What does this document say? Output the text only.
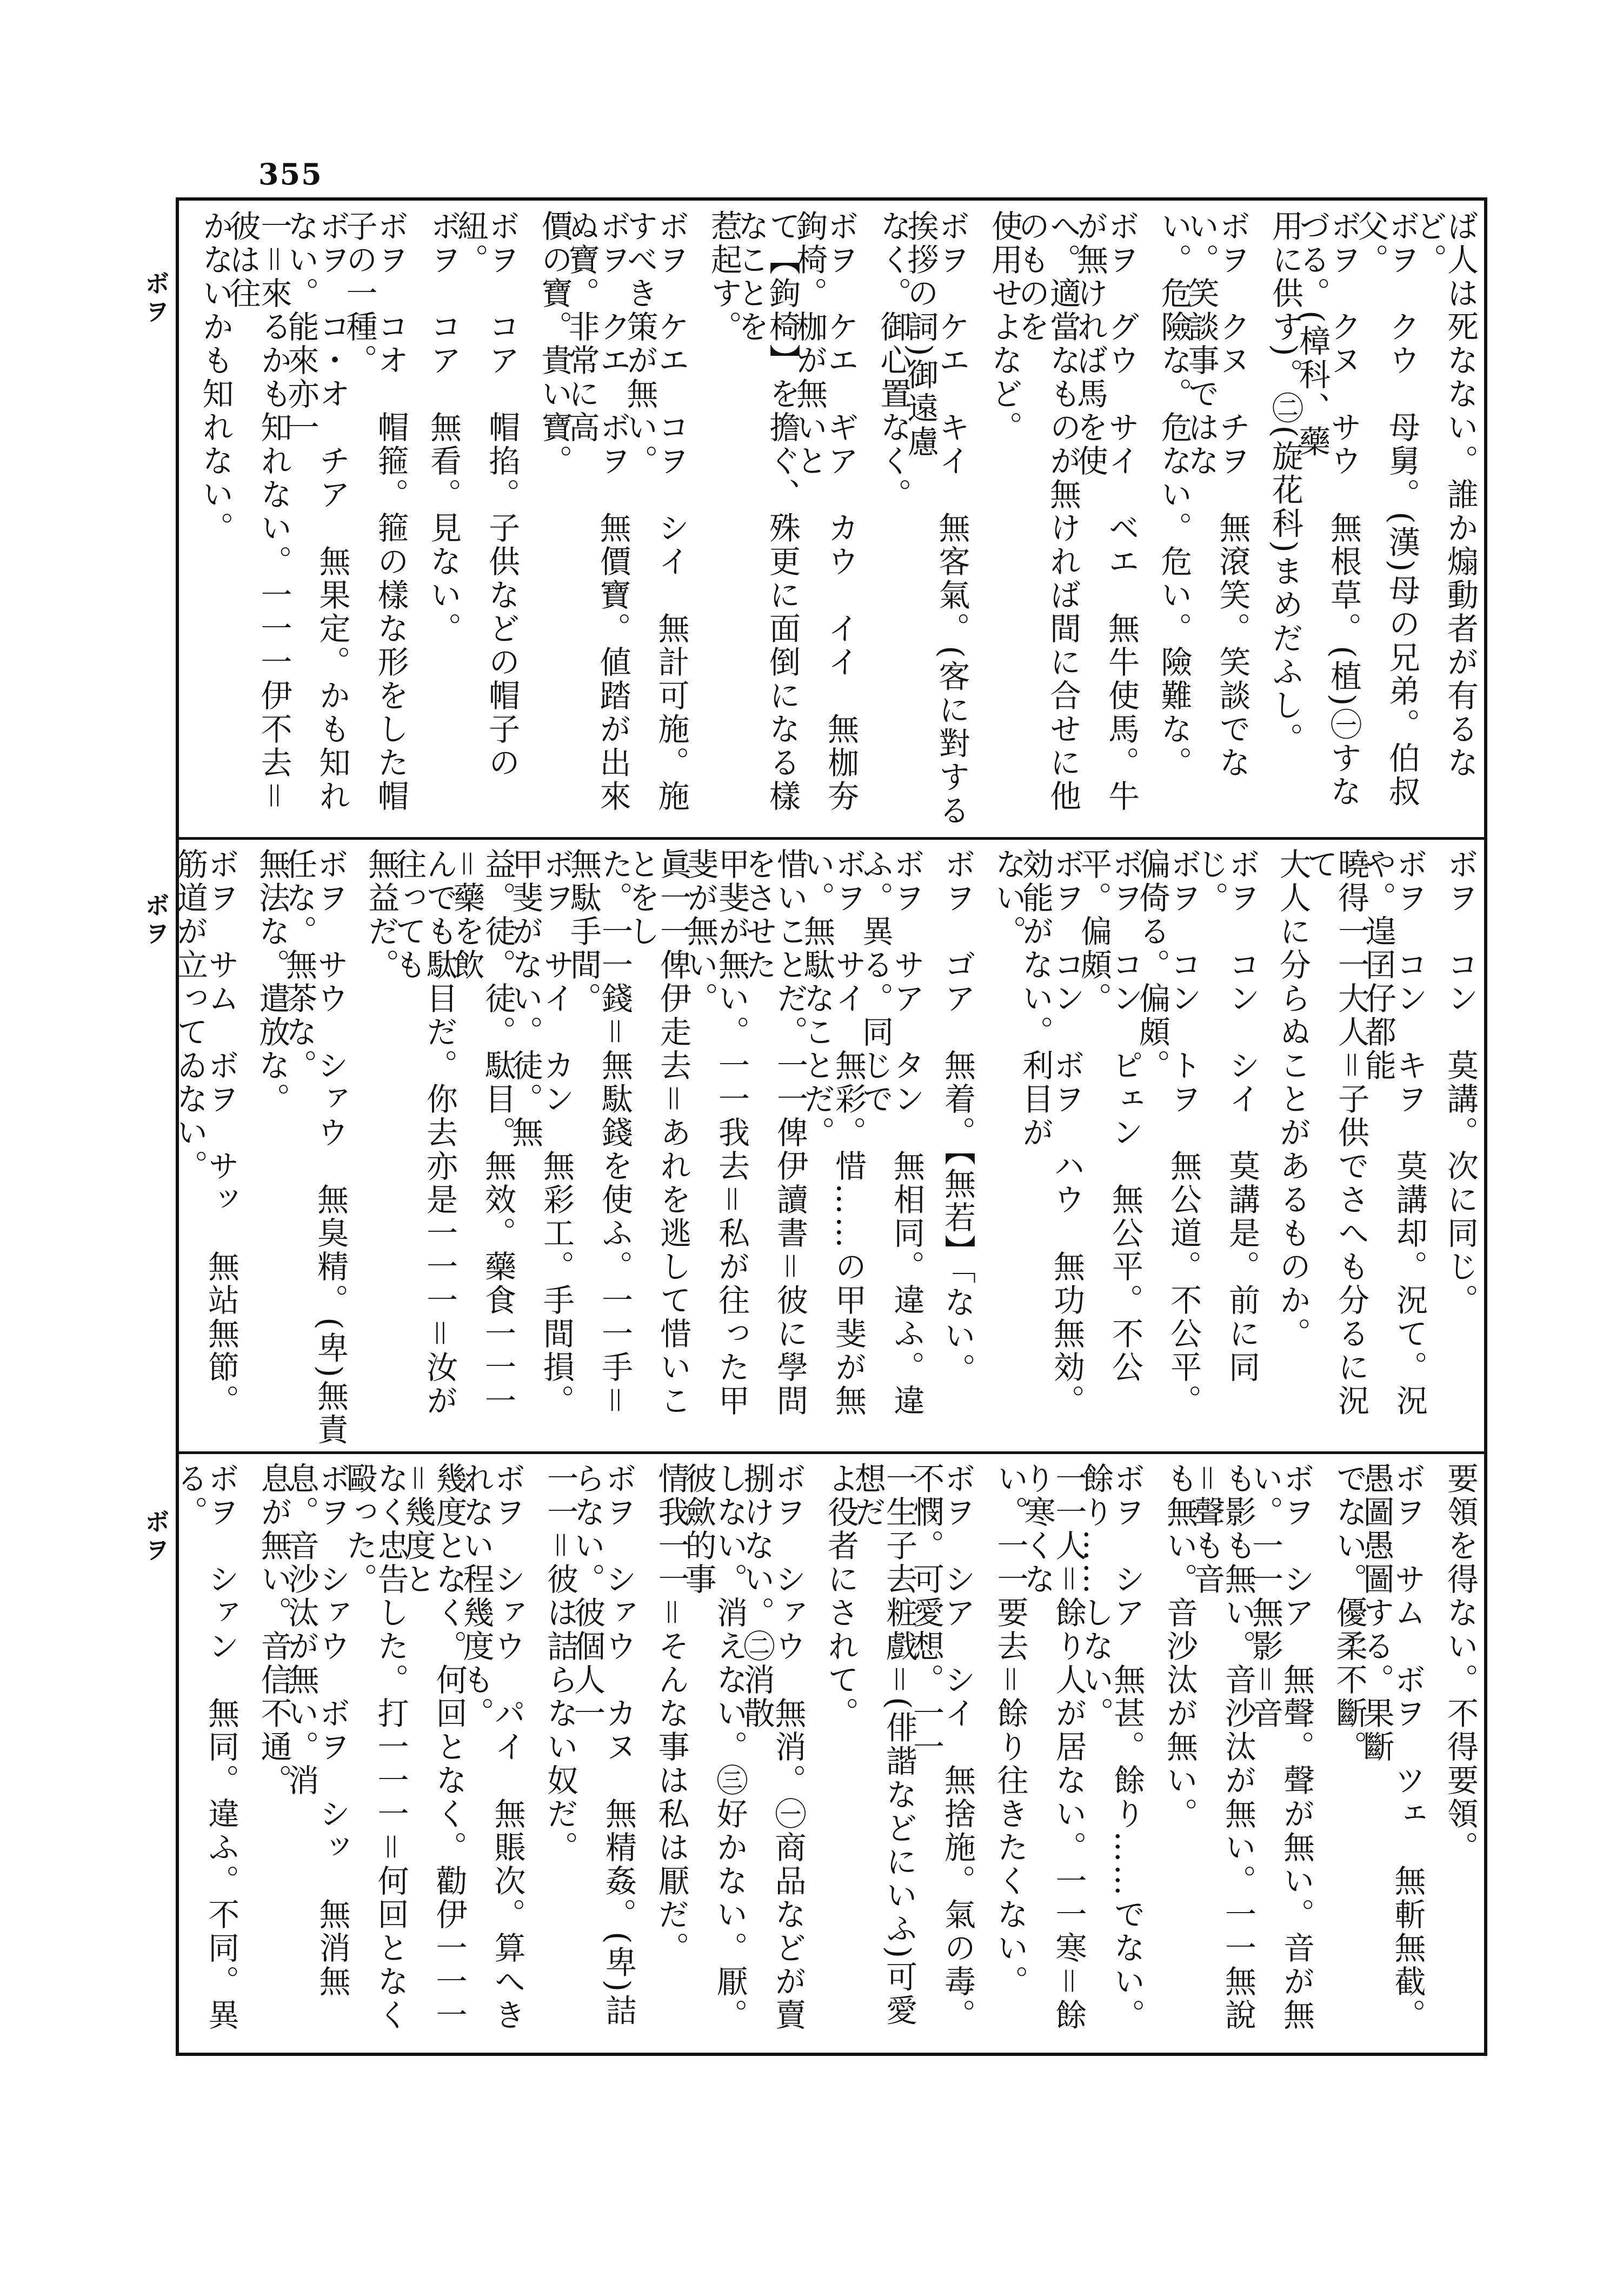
355
ボヲ
ボヲ
ボヲ
ば人は死なない。誰か煽動者が有るなど。
ボヲ　クウ　母舅。(漢)母の兄弟。伯叔父。
ボヲ　クヌ　サウ　無根草。(植)㊀すなづる。(樟科、藥
用に供す)。㊁(旋花科)まめだふし。
ボヲ　クヌ　チヲ　無滾笑。笑談でない。笑談事ではな
い。危險な。危ない。危い。險難な。
ボヲ　グウ　サイ　ベエ　無牛使馬。牛が無ければ馬を使
へ。適當なものが無ければ間に合せに他のものを
使用せよなど。
ボヲ　ケエ　キイ　無客氣。(客に對する挨拶の詞)御遠慮
なく。御心置なく。
ボヲ　ケエ　ギア　カウ　イイ　無枷夯鉤椅。枷が無いと
て【鉤椅】を擔ぐ、殊更に面倒になる樣なことを
惹起す。
ボヲ　ケエ　コヲ　シイ　無計可施。施すべき策が無い。
ボヲ　クエ　ボヲ　無價寶。値踏が出來ぬ寶。非常に高
價の寶。貴い寶。
ボヲ　コア　帽掐。子供などの帽子の紐。
ボヲ　コア　無看。見ない。
ボヲ　コオ　帽箍。箍の樣な形をした帽子の一種。
ボヲ　コ・オ　チア　無果定。かも知れない。能來亦一
一＝來るかも知れない。一一一伊不去＝彼は往
かないかも知れない。
ボヲ　コン　莫講。次に同じ。
ボヲ　コン　キヲ　莫講却。況て。況や。遑囝仔都能
曉得一一大人＝子供でさへも分るに況て
大人に分らぬことがあるものか。
ボヲ　コン　シイ　莫講是。前に同じ。
ボヲ　コン　トヲ　無公道。不公平。偏倚る。偏頗。
ボヲ　コン　ピェン　無公平。不公平。偏頗。
ボヲ　コン　ボヲ　ハウ　無功無効。効能がない。利目が
ない。
ボヲ　ゴア　無着。【無若】「ない。
ボヲ　サア　タン　無相同。違ふ。違ふ。異る。同じで
ボヲ　サイ　無彩。惜……の甲斐が無い。無駄なことだ。
惜いことだ。一一俾伊讀書＝彼に學問をさせた
甲斐が無い。一一我去＝私が往った甲斐が無い。
眞一一俾伊走去＝あれを逃して惜いことをし
た。一一錢＝無駄錢を使ふ。一一手＝無駄手間。
ボヲ　サイ　カン　無彩工。手間損。甲斐がない。徒。無
益。徒。徒。駄目。無效。藥食一一一＝藥を飲
んでも駄目だ。你去亦是一一一＝汝が往っても
無益だ。
ボヲ　サウ　シァウ　無臭精。(卑)無責任な。無茶な。
無法な。遣放な。
ボヲ　サム　ボヲ　サッ　無站無節。筋道が立ってゐない。
要領を得ない。不得要領。
ボヲ　サム　ボヲ　ツェ　無斬無截。愚圖愚圖する。果斷
でない。優柔不斷。
ボヲ　シア　無聲。聲が無い。音が無い。一一無影＝音
も影も無い。音沙汰が無い。一一無說＝聲も音
も無い。音沙汰が無い。
ボヲ　シア　無甚。餘り……でない。餘り……しない。
一一人＝餘り人が居ない。一一寒＝餘り寒くな
い。一一要去＝餘り往きたくない。
ボヲ　シア　シイ　無捨施。氣の毒。不憫。可愛想。一一
一生子去粧戲＝(俳諧などにいふ)可愛想だ
よ役者にされて。
ボヲ　シァウ　無消。㊀商品などが賣捌けない。㊁消散
しない。消えない。㊂好かない。厭。彼歛的事
情我一一＝そんな事は私は厭だ。
ボヲ　シァウ　カヌ　無精姦。(卑)詰らない。彼個人一
一一＝彼は詰らない奴だ。
ボヲ　シァウ　パイ　無賬次。算へきれない程幾度も。
幾度となく。何回となく。勸伊一一一＝幾度と
なく忠告した。打一一一＝何回となく毆った。
ボヲ　シァウ　ボヲ　シッ　無消無息。音沙汰が無い。消
息が無い。音信不通。
ボヲ　シァン　無同。違ふ。不同。異る。
